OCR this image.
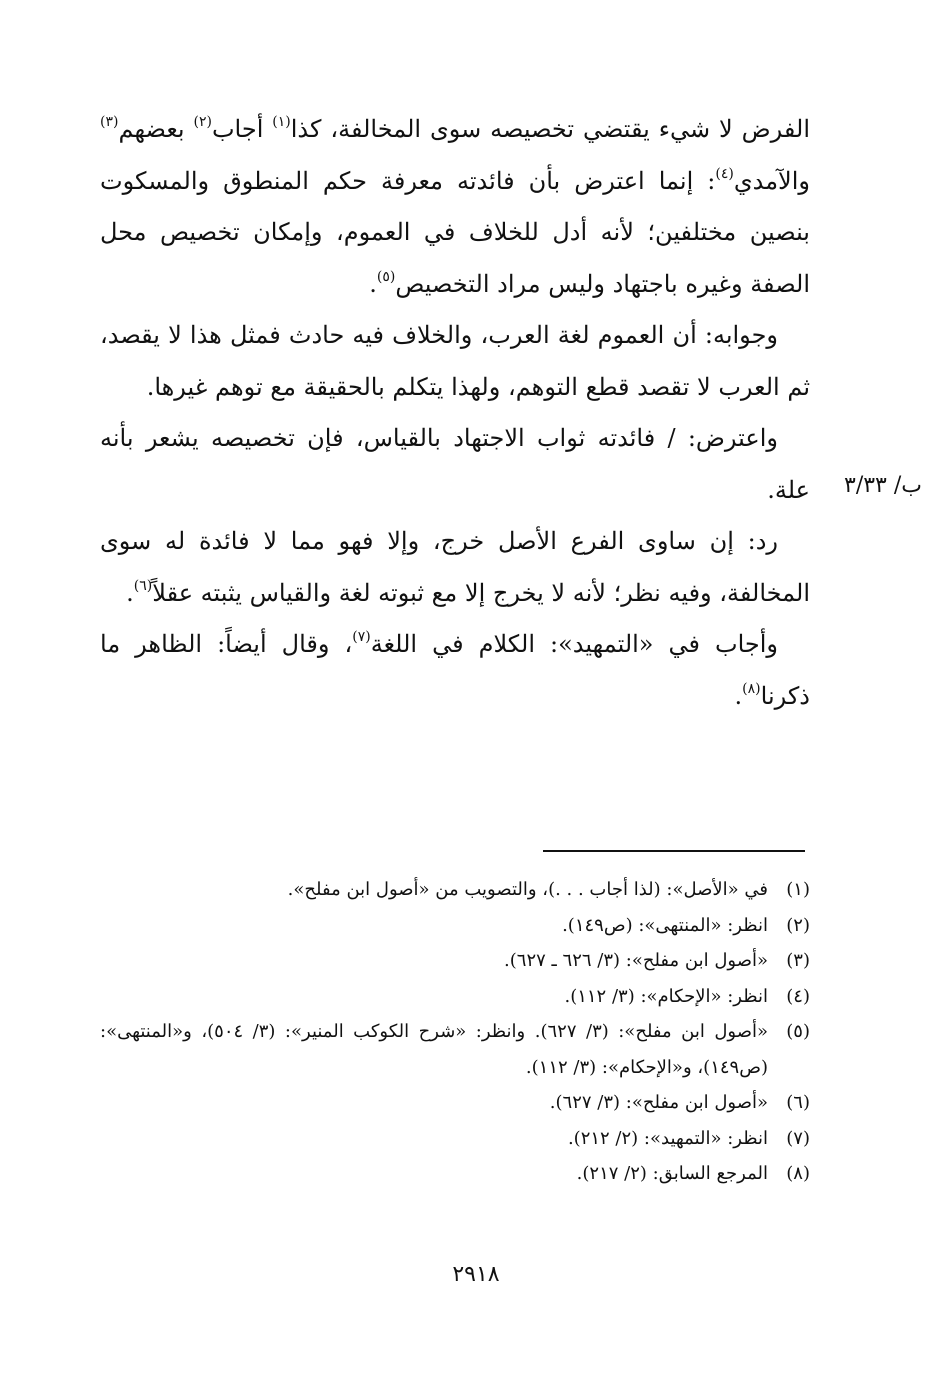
الفرض لا شيء يقتضي تخصيصه سوى المخالفة، كذا$^{(١)}$ أجاب$^{(٢)}$ بعضهم$^{(٣)}$ والآمدي$^{(٤)}$: إنما اعترض بأن فائدته معرفة حكم المنطوق والمسكوت بنصين مختلفين؛ لأنه أدل للخلاف في العموم، وإمكان تخصيص محل الصفة وغيره باجتهاد وليس مراد التخصيص$^{(٥)}$.

وجوابه: أن العموم لغة العرب، والخلاف فيه حادث فمثل هذا لا يقصد، ثم العرب لا تقصد قطع التوهم، ولهذا يتكلم بالحقيقة مع توهم غيرها.

واعترض: / فائدته ثواب الاجتهاد بالقياس، فإن تخصيصه يشعر بأنه علة.

رد: إن ساوى الفرع الأصل خرج، وإلا فهو مما لا فائدة له سوى المخالفة، وفيه نظر؛ لأنه لا يخرج إلا مع ثبوته لغة والقياس يثبته عقلاً$^{(٦)}$.

وأجاب في «التمهيد»: الكلام في اللغة$^{(٧)}$، وقال أيضاً: الظاهر ما ذكرنا$^{(٨)}$.

ب/ ٣/٣٣
(١)
في «الأصل»: (لذا أجاب . . .)، والتصويب من «أصول ابن مفلح».
(٢)
انظر: «المنتهى»: (ص١٤٩).
(٣)
«أصول ابن مفلح»: (٣/ ٦٢٦ ـ ٦٢٧).
(٤)
انظر: «الإحكام»: (٣/ ١١٢).
(٥)
«أصول ابن مفلح»: (٣/ ٦٢٧). وانظر: «شرح الكوكب المنير»: (٣/ ٥٠٤)، و«المنتهى»: (ص١٤٩)، و«الإحكام»: (٣/ ١١٢).
(٦)
«أصول ابن مفلح»: (٣/ ٦٢٧).
(٧)
انظر: «التمهيد»: (٢/ ٢١٢).
(٨)
المرجع السابق: (٢/ ٢١٧).
٢٩١٨
